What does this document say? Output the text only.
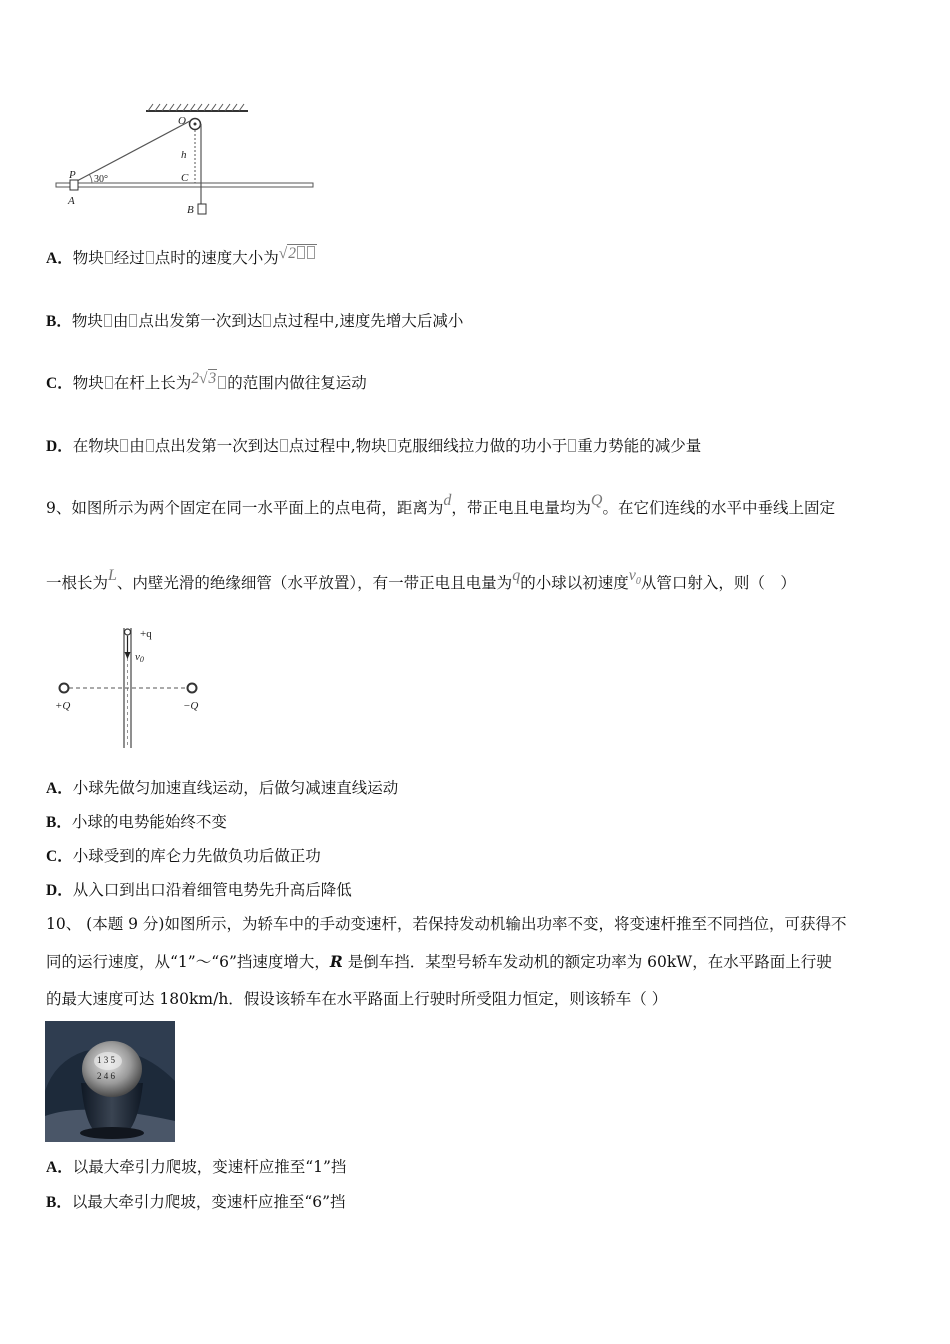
O
h
P 30°	C
A
B
A．物块 经过 点时的速度大小为√2
B．物块 由 点出发第一次到达 点过程中,速度先增大后减小
C．物块 在杆上长为2√3 的范围内做往复运动
D．在物块 由 点出发第一次到达 点过程中,物块 克服细线拉力做的功小于 重力势能的减少量
9、如图所示为两个固定在同一水平面上的点电荷，距离为d，带正电且电量均为Q。在它们连线的水平中垂线上固定
一根长为L、内壁光滑的绝缘细管（水平放置），有一带正电且电量为q的小球以初速度$v_0$从管口射入，则（　）
+q
v0
+Q	−Q
A．小球先做匀加速直线运动，后做匀减速直线运动
B．小球的电势能始终不变
C．小球受到的库仑力先做负功后做正功
D．从入口到出口沿着细管电势先升高后降低
10、 (本题 9 分)如图所示，为轿车中的手动变速杆，若保持发动机输出功率不变，将变速杆推至不同挡位，可获得不
同的运行速度，从“1”～“6”挡速度增大，R 是倒车挡．某型号轿车发动机的额定功率为 60kW，在水平路面上行驶
的最大速度可达 180km/h．假设该轿车在水平路面上行驶时所受阻力恒定，则该轿车（ ）
1 3 5
2 4 6
A．以最大牵引力爬坡，变速杆应推至“1”挡
B．以最大牵引力爬坡，变速杆应推至“6”挡
